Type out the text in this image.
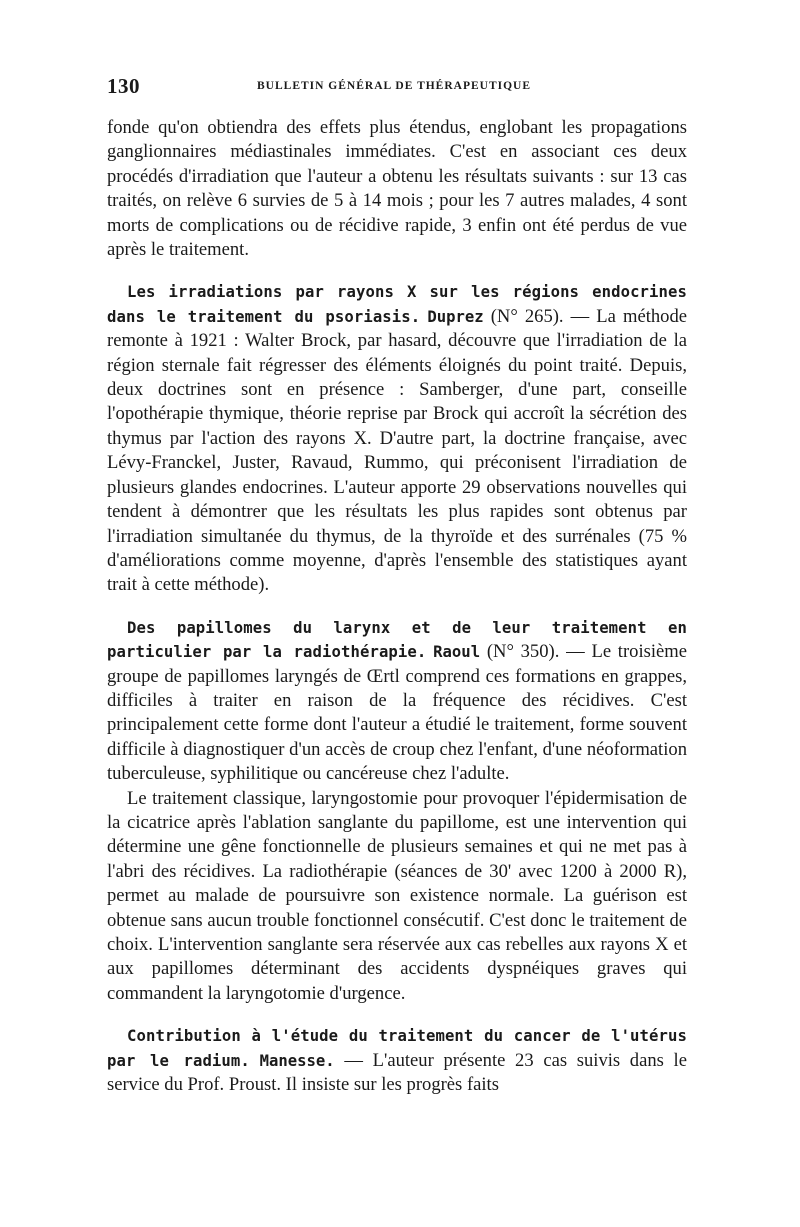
130	BULLETIN GÉNÉRAL DE THÉRAPEUTIQUE

fonde qu'on obtiendra des effets plus étendus, englobant les propagations ganglionnaires médiastinales immédiates. C'est en associant ces deux procédés d'irradiation que l'auteur a obtenu les résultats suivants : sur 13 cas traités, on relève 6 survies de 5 à 14 mois ; pour les 7 autres malades, 4 sont morts de complications ou de récidive rapide, 3 enfin ont été perdus de vue après le traitement.

Les irradiations par rayons X sur les régions endocrines dans le traitement du psoriasis. Duprez (N° 265). — La méthode remonte à 1921 : Walter Brock, par hasard, découvre que l'irradiation de la région sternale fait régresser des éléments éloignés du point traité. Depuis, deux doctrines sont en présence : Samberger, d'une part, conseille l'opothérapie thymique, théorie reprise par Brock qui accroît la sécrétion des thymus par l'action des rayons X. D'autre part, la doctrine française, avec Lévy-Franckel, Juster, Ravaud, Rummo, qui préconisent l'irradiation de plusieurs glandes endocrines. L'auteur apporte 29 observations nouvelles qui tendent à démontrer que les résultats les plus rapides sont obtenus par l'irradiation simultanée du thymus, de la thyroïde et des surrénales (75 % d'améliorations comme moyenne, d'après l'ensemble des statistiques ayant trait à cette méthode).

Des papillomes du larynx et de leur traitement en particulier par la radiothérapie. Raoul (N° 350). — Le troisième groupe de papillomes laryngés de Œrtl comprend ces formations en grappes, difficiles à traiter en raison de la fréquence des récidives. C'est principalement cette forme dont l'auteur a étudié le traitement, forme souvent difficile à diagnostiquer d'un accès de croup chez l'enfant, d'une néoformation tuberculeuse, syphilitique ou cancéreuse chez l'adulte.

Le traitement classique, laryngostomie pour provoquer l'épidermisation de la cicatrice après l'ablation sanglante du papillome, est une intervention qui détermine une gêne fonctionnelle de plusieurs semaines et qui ne met pas à l'abri des récidives. La radiothérapie (séances de 30' avec 1200 à 2000 R), permet au malade de poursuivre son existence normale. La guérison est obtenue sans aucun trouble fonctionnel consécutif. C'est donc le traitement de choix. L'intervention sanglante sera réservée aux cas rebelles aux rayons X et aux papillomes déterminant des accidents dyspnéiques graves qui commandent la laryngotomie d'urgence.

Contribution à l'étude du traitement du cancer de l'utérus par le radium. Manesse. — L'auteur présente 23 cas suivis dans le service du Prof. Proust. Il insiste sur les progrès faits
